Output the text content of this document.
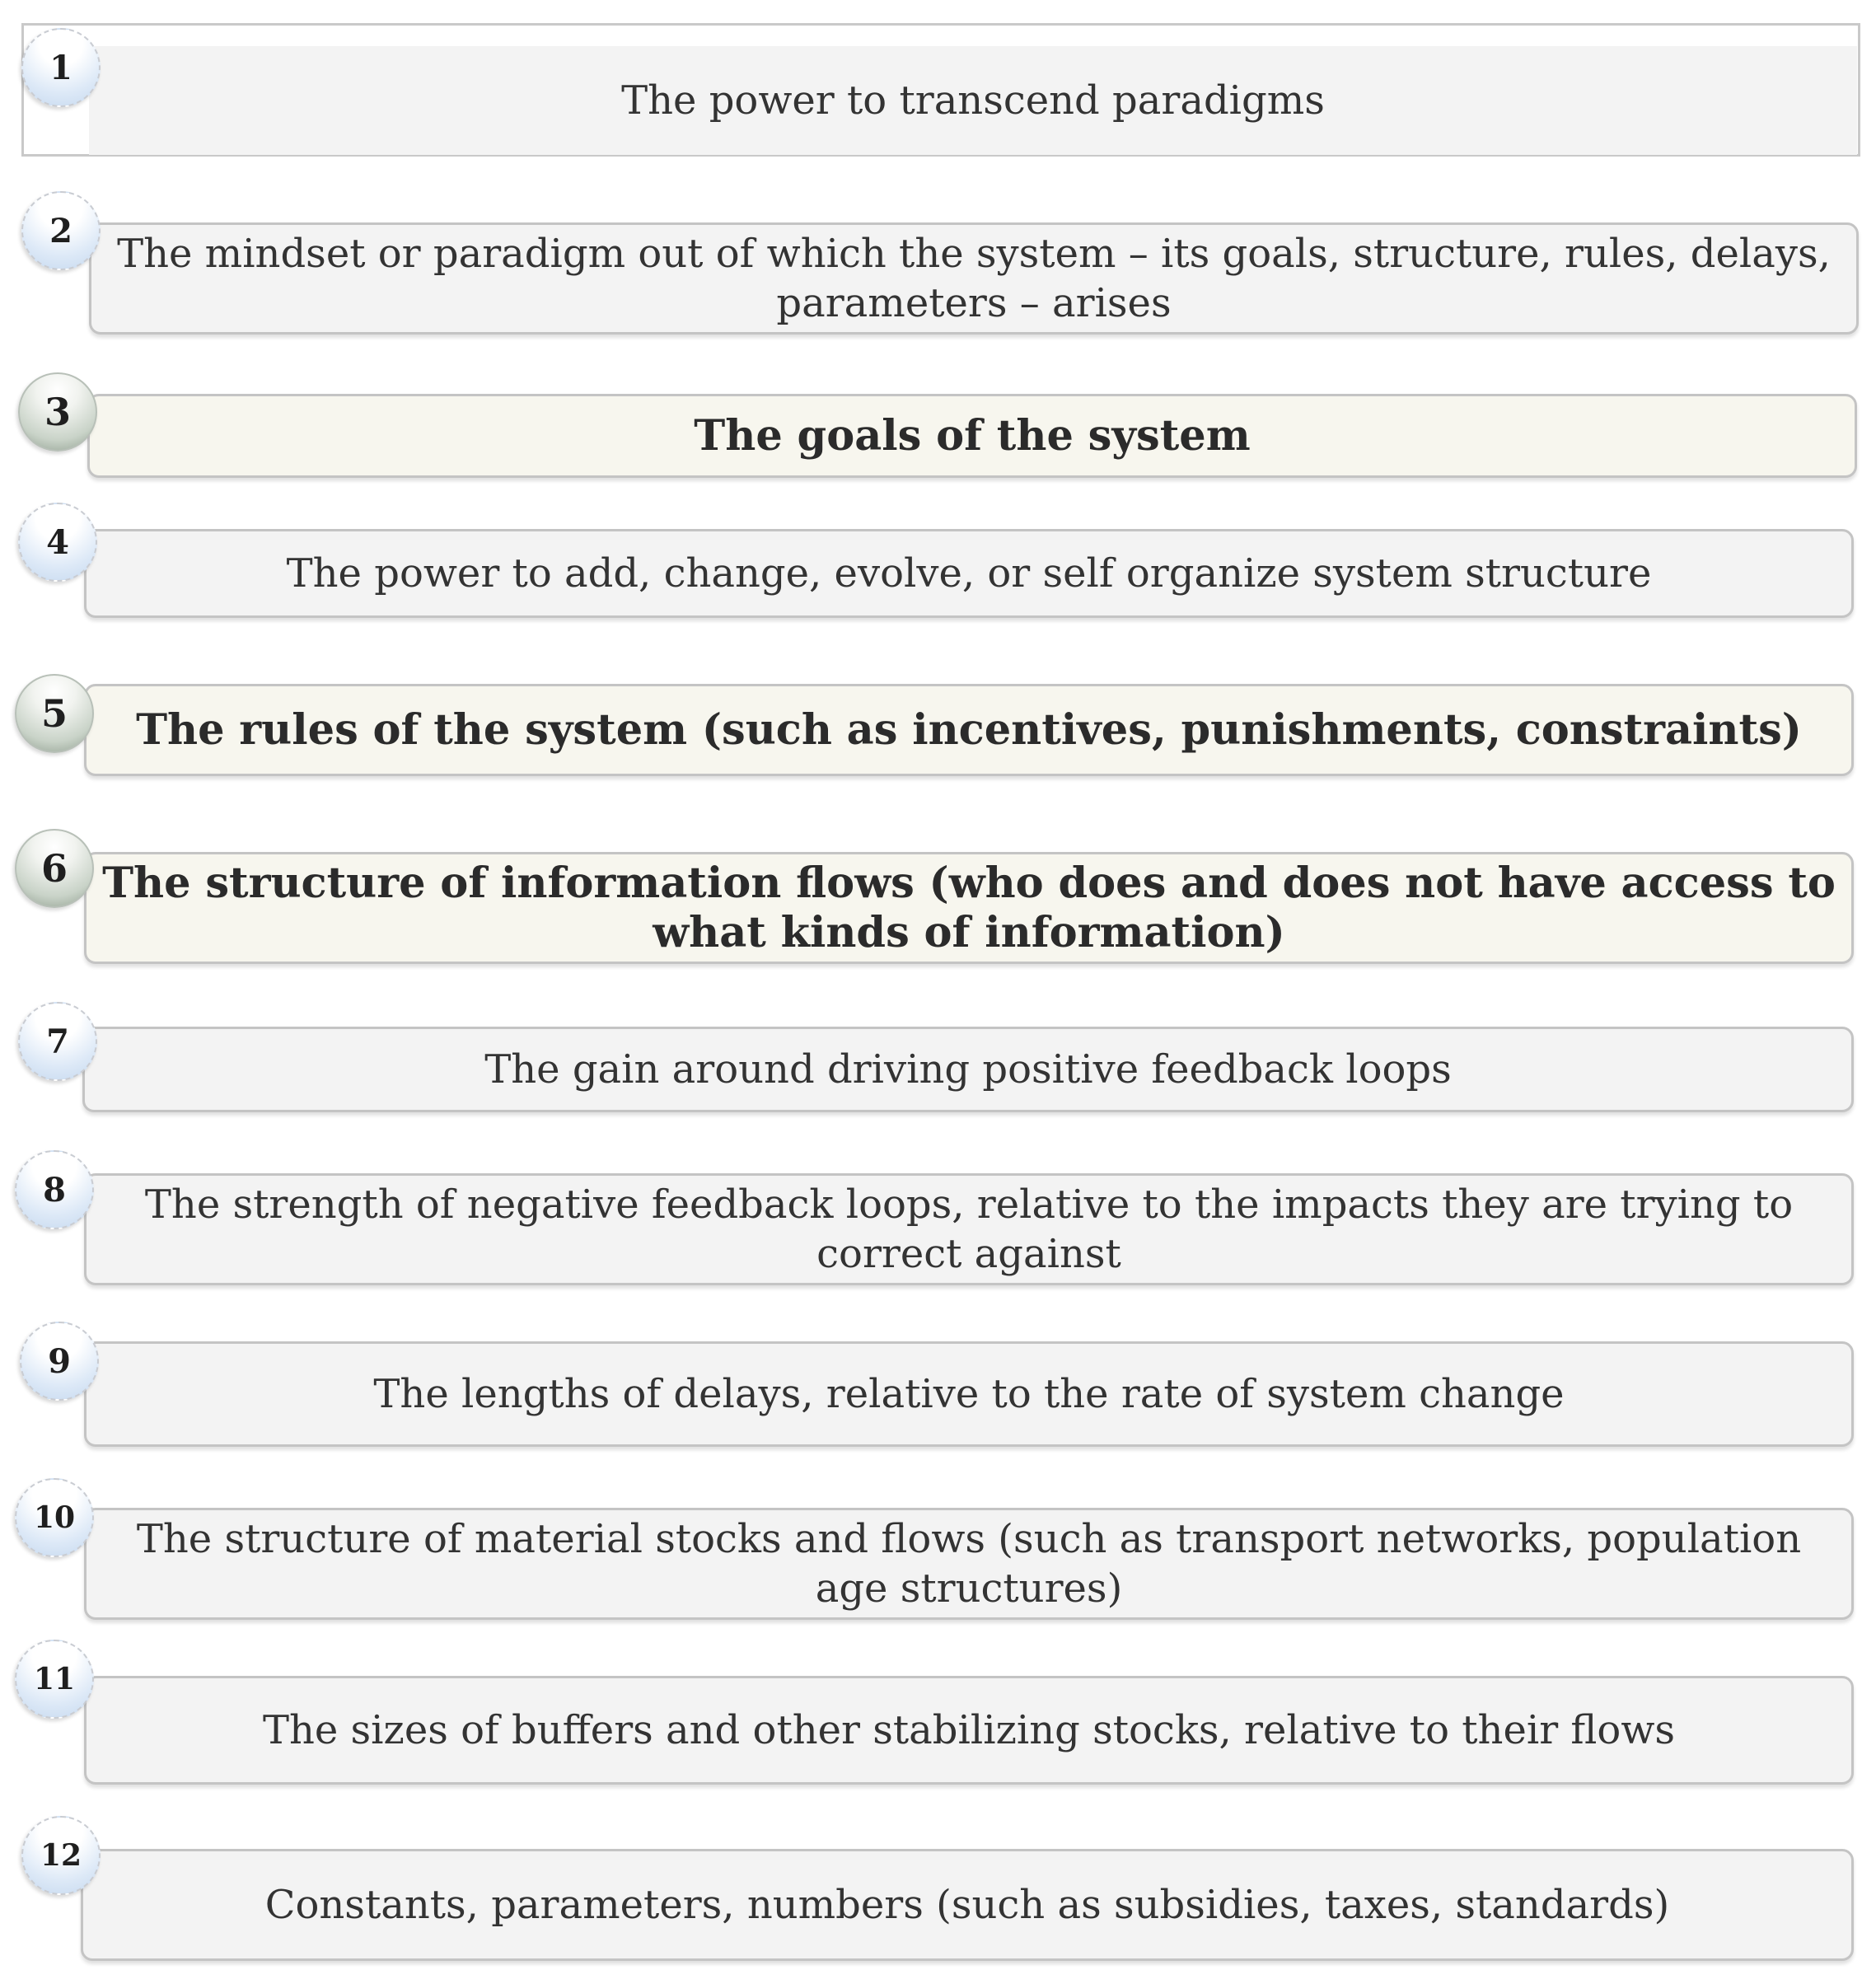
The power to transcend paradigms
1
The mindset or paradigm out of which the system – its goals, structure, rules, delays, parameters – arises
2
The goals of the system
3
The power to add, change, evolve, or self organize system structure
4
The rules of the system (such as incentives, punishments, constraints)
5
The structure of information flows (who does and does not have access to what kinds of information)
6
The gain around driving positive feedback loops
7
The strength of negative feedback loops, relative to the impacts they are trying to correct against
8
The lengths of delays, relative to the rate of system change
9
The structure of material stocks and flows (such as transport networks, population age structures)
10
The sizes of buffers and other stabilizing stocks, relative to their flows
11
Constants, parameters, numbers (such as subsidies, taxes, standards)
12
